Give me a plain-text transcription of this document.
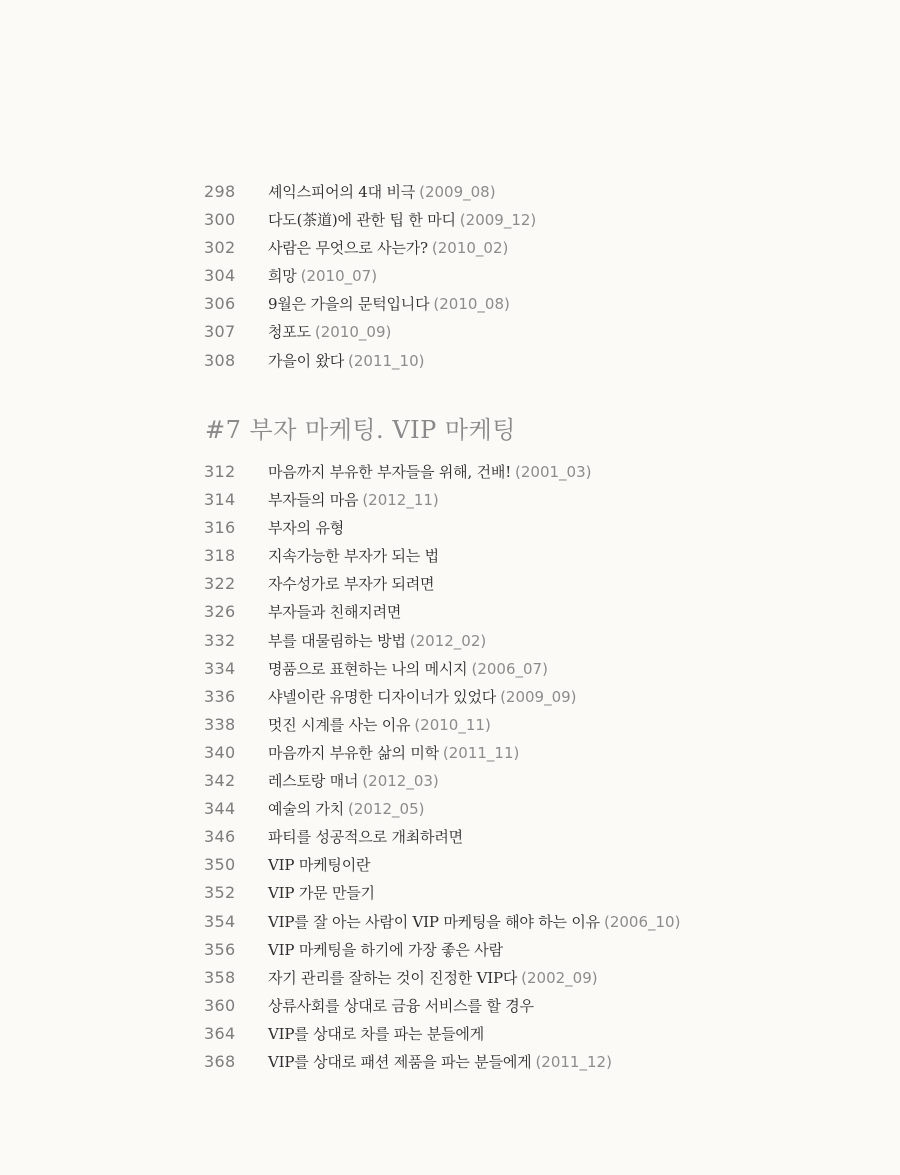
298 셰익스피어의 4대 비극 (2009_08)
300 다도(茶道)에 관한 팁 한 마디 (2009_12)
302 사람은 무엇으로 사는가? (2010_02)
304 희망 (2010_07)
306 9월은 가을의 문턱입니다 (2010_08)
307 청포도 (2010_09)
308 가을이 왔다 (2011_10)
#7 부자 마케팅. VIP 마케팅
312 마음까지 부유한 부자들을 위해, 건배! (2001_03)
314 부자들의 마음 (2012_11)
316 부자의 유형
318 지속가능한 부자가 되는 법
322 자수성가로 부자가 되려면
326 부자들과 친해지려면
332 부를 대물림하는 방법 (2012_02)
334 명품으로 표현하는 나의 메시지 (2006_07)
336 샤넬이란 유명한 디자이너가 있었다 (2009_09)
338 멋진 시계를 사는 이유 (2010_11)
340 마음까지 부유한 삶의 미학 (2011_11)
342 레스토랑 매너 (2012_03)
344 예술의 가치 (2012_05)
346 파티를 성공적으로 개최하려면
350 VIP 마케팅이란
352 VIP 가문 만들기
354 VIP를 잘 아는 사람이 VIP 마케팅을 해야 하는 이유 (2006_10)
356 VIP 마케팅을 하기에 가장 좋은 사람
358 자기 관리를 잘하는 것이 진정한 VIP다 (2002_09)
360 상류사회를 상대로 금융 서비스를 할 경우
364 VIP를 상대로 차를 파는 분들에게
368 VIP를 상대로 패션 제품을 파는 분들에게 (2011_12)
